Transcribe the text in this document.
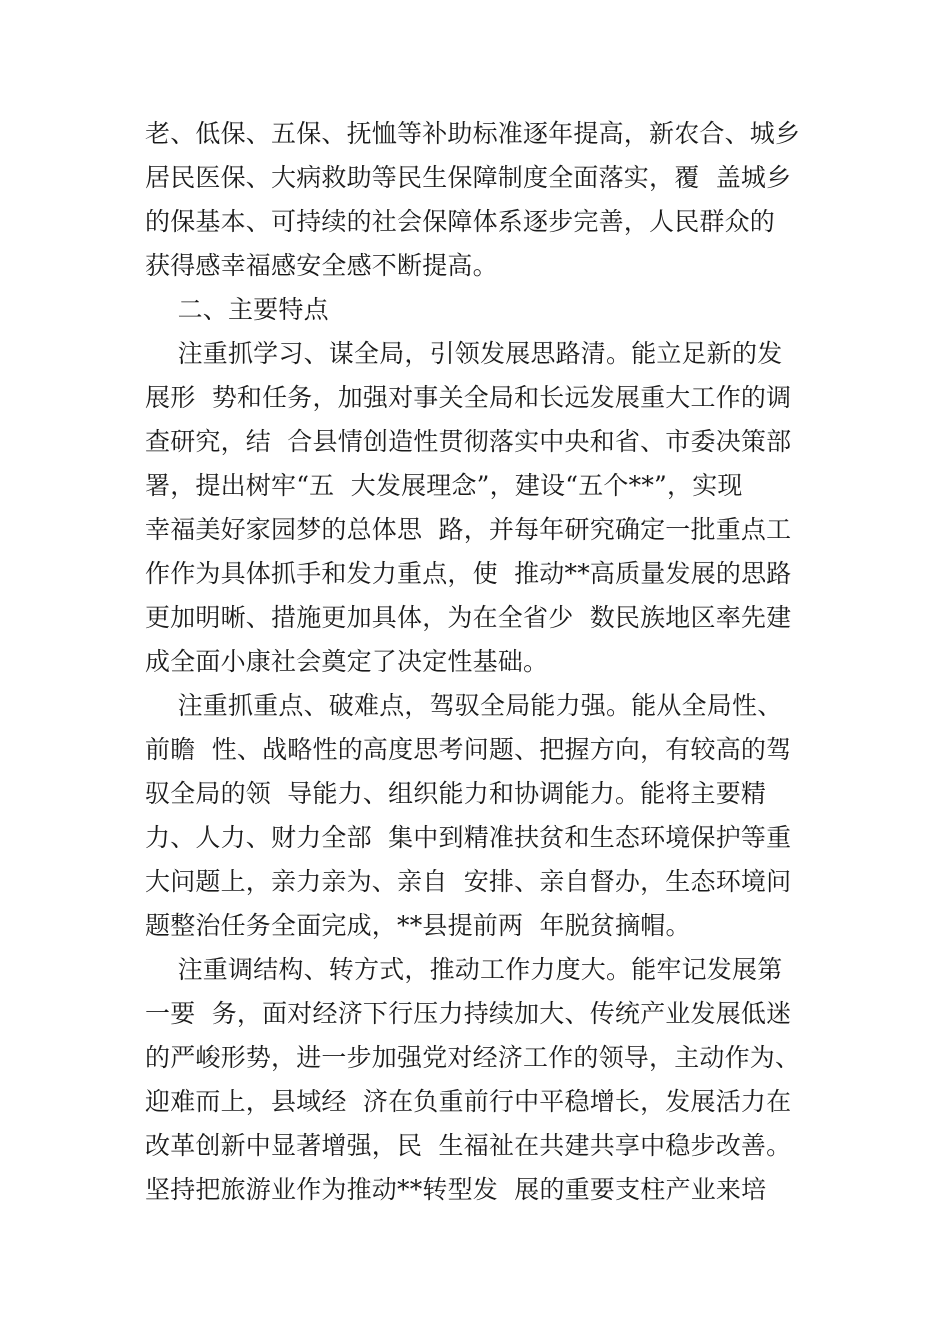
老、低保、五保、抚恤等补助标准逐年提高，新农合、城乡
居民医保、大病救助等民生保障制度全面落实，覆  盖城乡
的保基本、可持续的社会保障体系逐步完善，人民群众的
获得感幸福感安全感不断提高。
二、主要特点
注重抓学习、谋全局，引领发展思路清。能立足新的发
展形  势和任务，加强对事关全局和长远发展重大工作的调
查研究，结  合县情创造性贯彻落实中央和省、市委决策部
署，提出树牢“五  大发展理念”，建设“五个**”，实现
幸福美好家园梦的总体思  路，并每年研究确定一批重点工
作作为具体抓手和发力重点，使  推动**高质量发展的思路
更加明晰、措施更加具体，为在全省少  数民族地区率先建
成全面小康社会奠定了决定性基础。
注重抓重点、破难点，驾驭全局能力强。能从全局性、
前瞻  性、战略性的高度思考问题、把握方向，有较高的驾
驭全局的领  导能力、组织能力和协调能力。能将主要精
力、人力、财力全部  集中到精准扶贫和生态环境保护等重
大问题上，亲力亲为、亲自  安排、亲自督办，生态环境问
题整治任务全面完成，**县提前两  年脱贫摘帽。
注重调结构、转方式，推动工作力度大。能牢记发展第
一要  务，面对经济下行压力持续加大、传统产业发展低迷
的严峻形势，进一步加强党对经济工作的领导，主动作为、
迎难而上，县域经  济在负重前行中平稳增长，发展活力在
改革创新中显著增强，民  生福祉在共建共享中稳步改善。
坚持把旅游业作为推动**转型发  展的重要支柱产业来培
